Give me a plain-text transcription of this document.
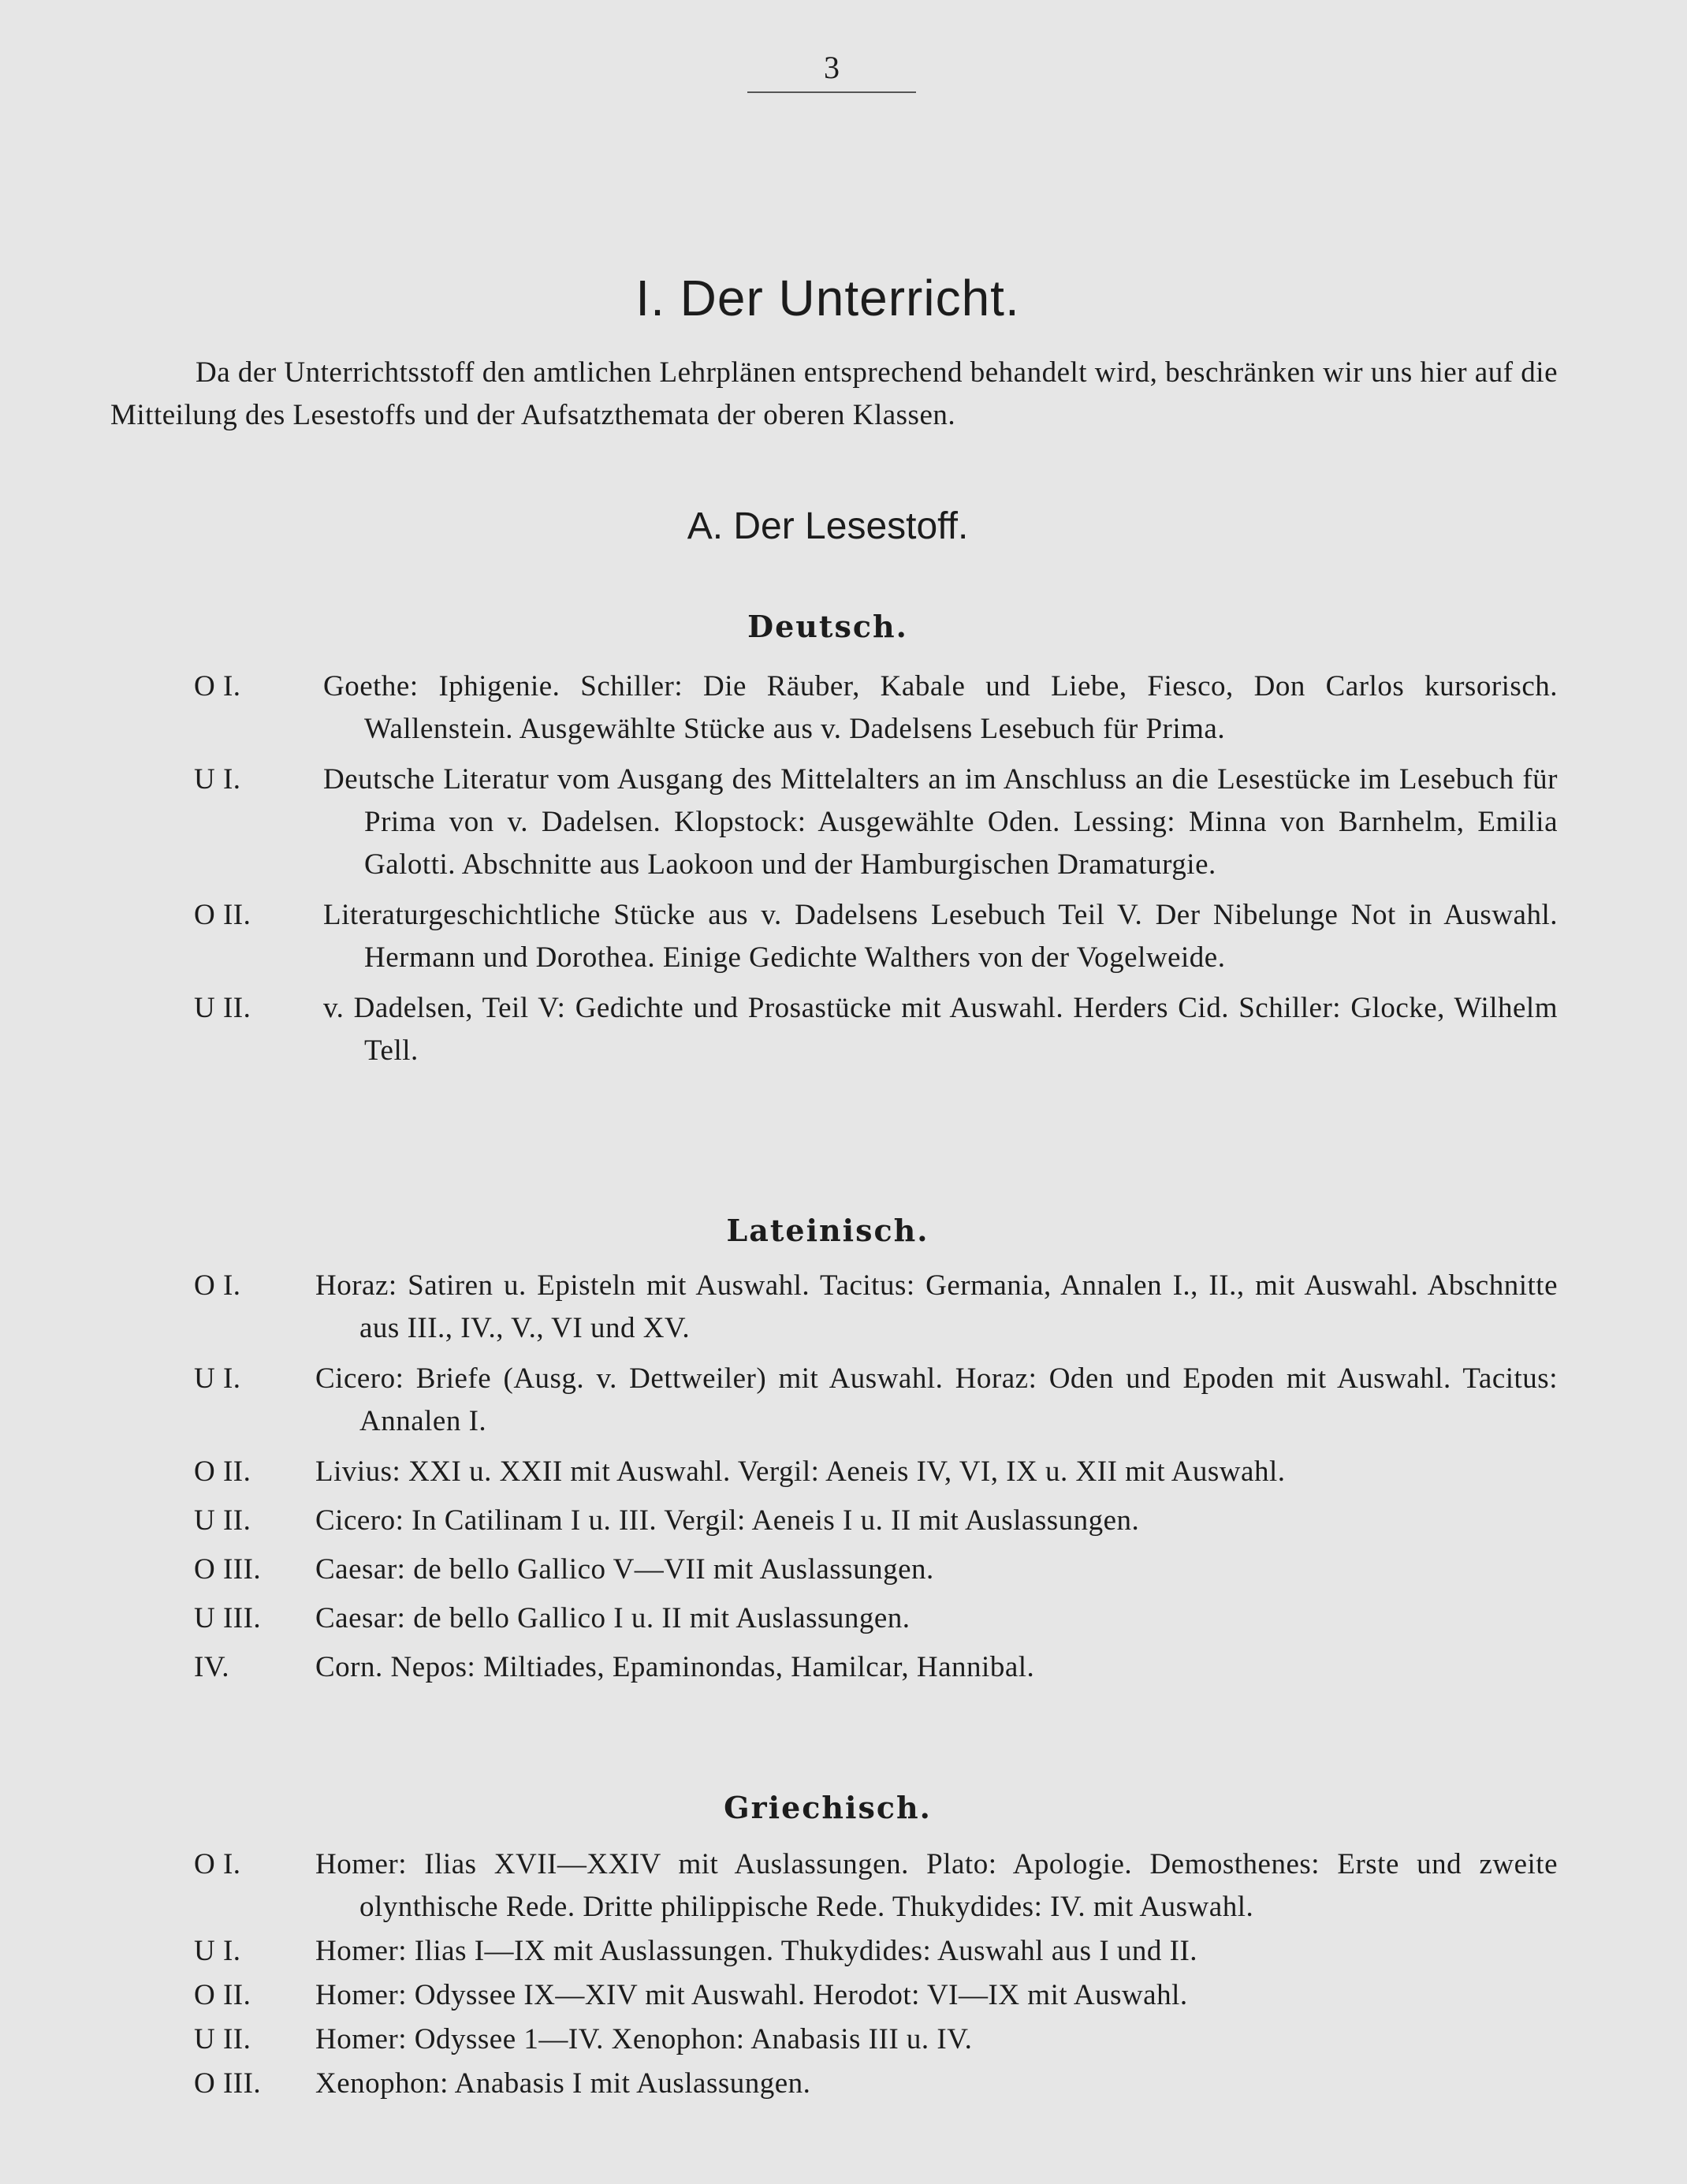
3
I. Der Unterricht.

Da der Unterrichtsstoff den amtlichen Lehrplänen entsprechend behandelt wird, beschränken wir uns hier auf die Mitteilung des Lesestoffs und der Aufsatzthemata der oberen Klassen.

A. Der Lesestoff.
Deutsch.
O I.	Goethe: Iphigenie. Schiller: Die Räuber, Kabale und Liebe, Fiesco, Don Carlos kursorisch. Wallenstein. Ausgewählte Stücke aus v. Dadelsens Lesebuch für Prima.
U I.	Deutsche Literatur vom Ausgang des Mittelalters an im Anschluss an die Lesestücke im Lesebuch für Prima von v. Dadelsen. Klopstock: Ausgewählte Oden. Lessing: Minna von Barnhelm, Emilia Galotti. Abschnitte aus Laokoon und der Hamburgischen Dramaturgie.
O II. Literaturgeschichtliche Stücke aus v. Dadelsens Lesebuch Teil V. Der Nibelunge Not in Auswahl. Hermann und Dorothea. Einige Gedichte Walthers von der Vogelweide.
U II. v. Dadelsen, Teil V: Gedichte und Prosastücke mit Auswahl. Herders Cid. Schiller: Glocke, Wilhelm Tell.
Lateinisch.
O I.	Horaz: Satiren u. Episteln mit Auswahl. Tacitus: Germania, Annalen I., II., mit Auswahl. Abschnitte aus III., IV., V., VI und XV.
U I.	Cicero: Briefe (Ausg. v. Dettweiler) mit Auswahl. Horaz: Oden und Epoden mit Auswahl. Tacitus: Annalen I.
O II. Livius: XXI u. XXII mit Auswahl. Vergil: Aeneis IV, VI, IX u. XII mit Auswahl.
U II. Cicero: In Catilinam I u. III. Vergil: Aeneis I u. II mit Auslassungen.
O III. Caesar: de bello Gallico V—VII mit Auslassungen.
U III. Caesar: de bello Gallico I u. II mit Auslassungen.
IV.	Corn. Nepos: Miltiades, Epaminondas, Hamilcar, Hannibal.
Griechisch.
O I.	Homer: Ilias XVII—XXIV mit Auslassungen. Plato: Apologie. Demosthenes: Erste und zweite olynthische Rede. Dritte philippische Rede. Thukydides: IV. mit Auswahl.
U I.	Homer: Ilias I—IX mit Auslassungen. Thukydides: Auswahl aus I und II.
O II. Homer: Odyssee IX—XIV mit Auswahl. Herodot: VI—IX mit Auswahl.
U II. Homer: Odyssee 1—IV. Xenophon: Anabasis III u. IV.
O III. Xenophon: Anabasis I mit Auslassungen.
